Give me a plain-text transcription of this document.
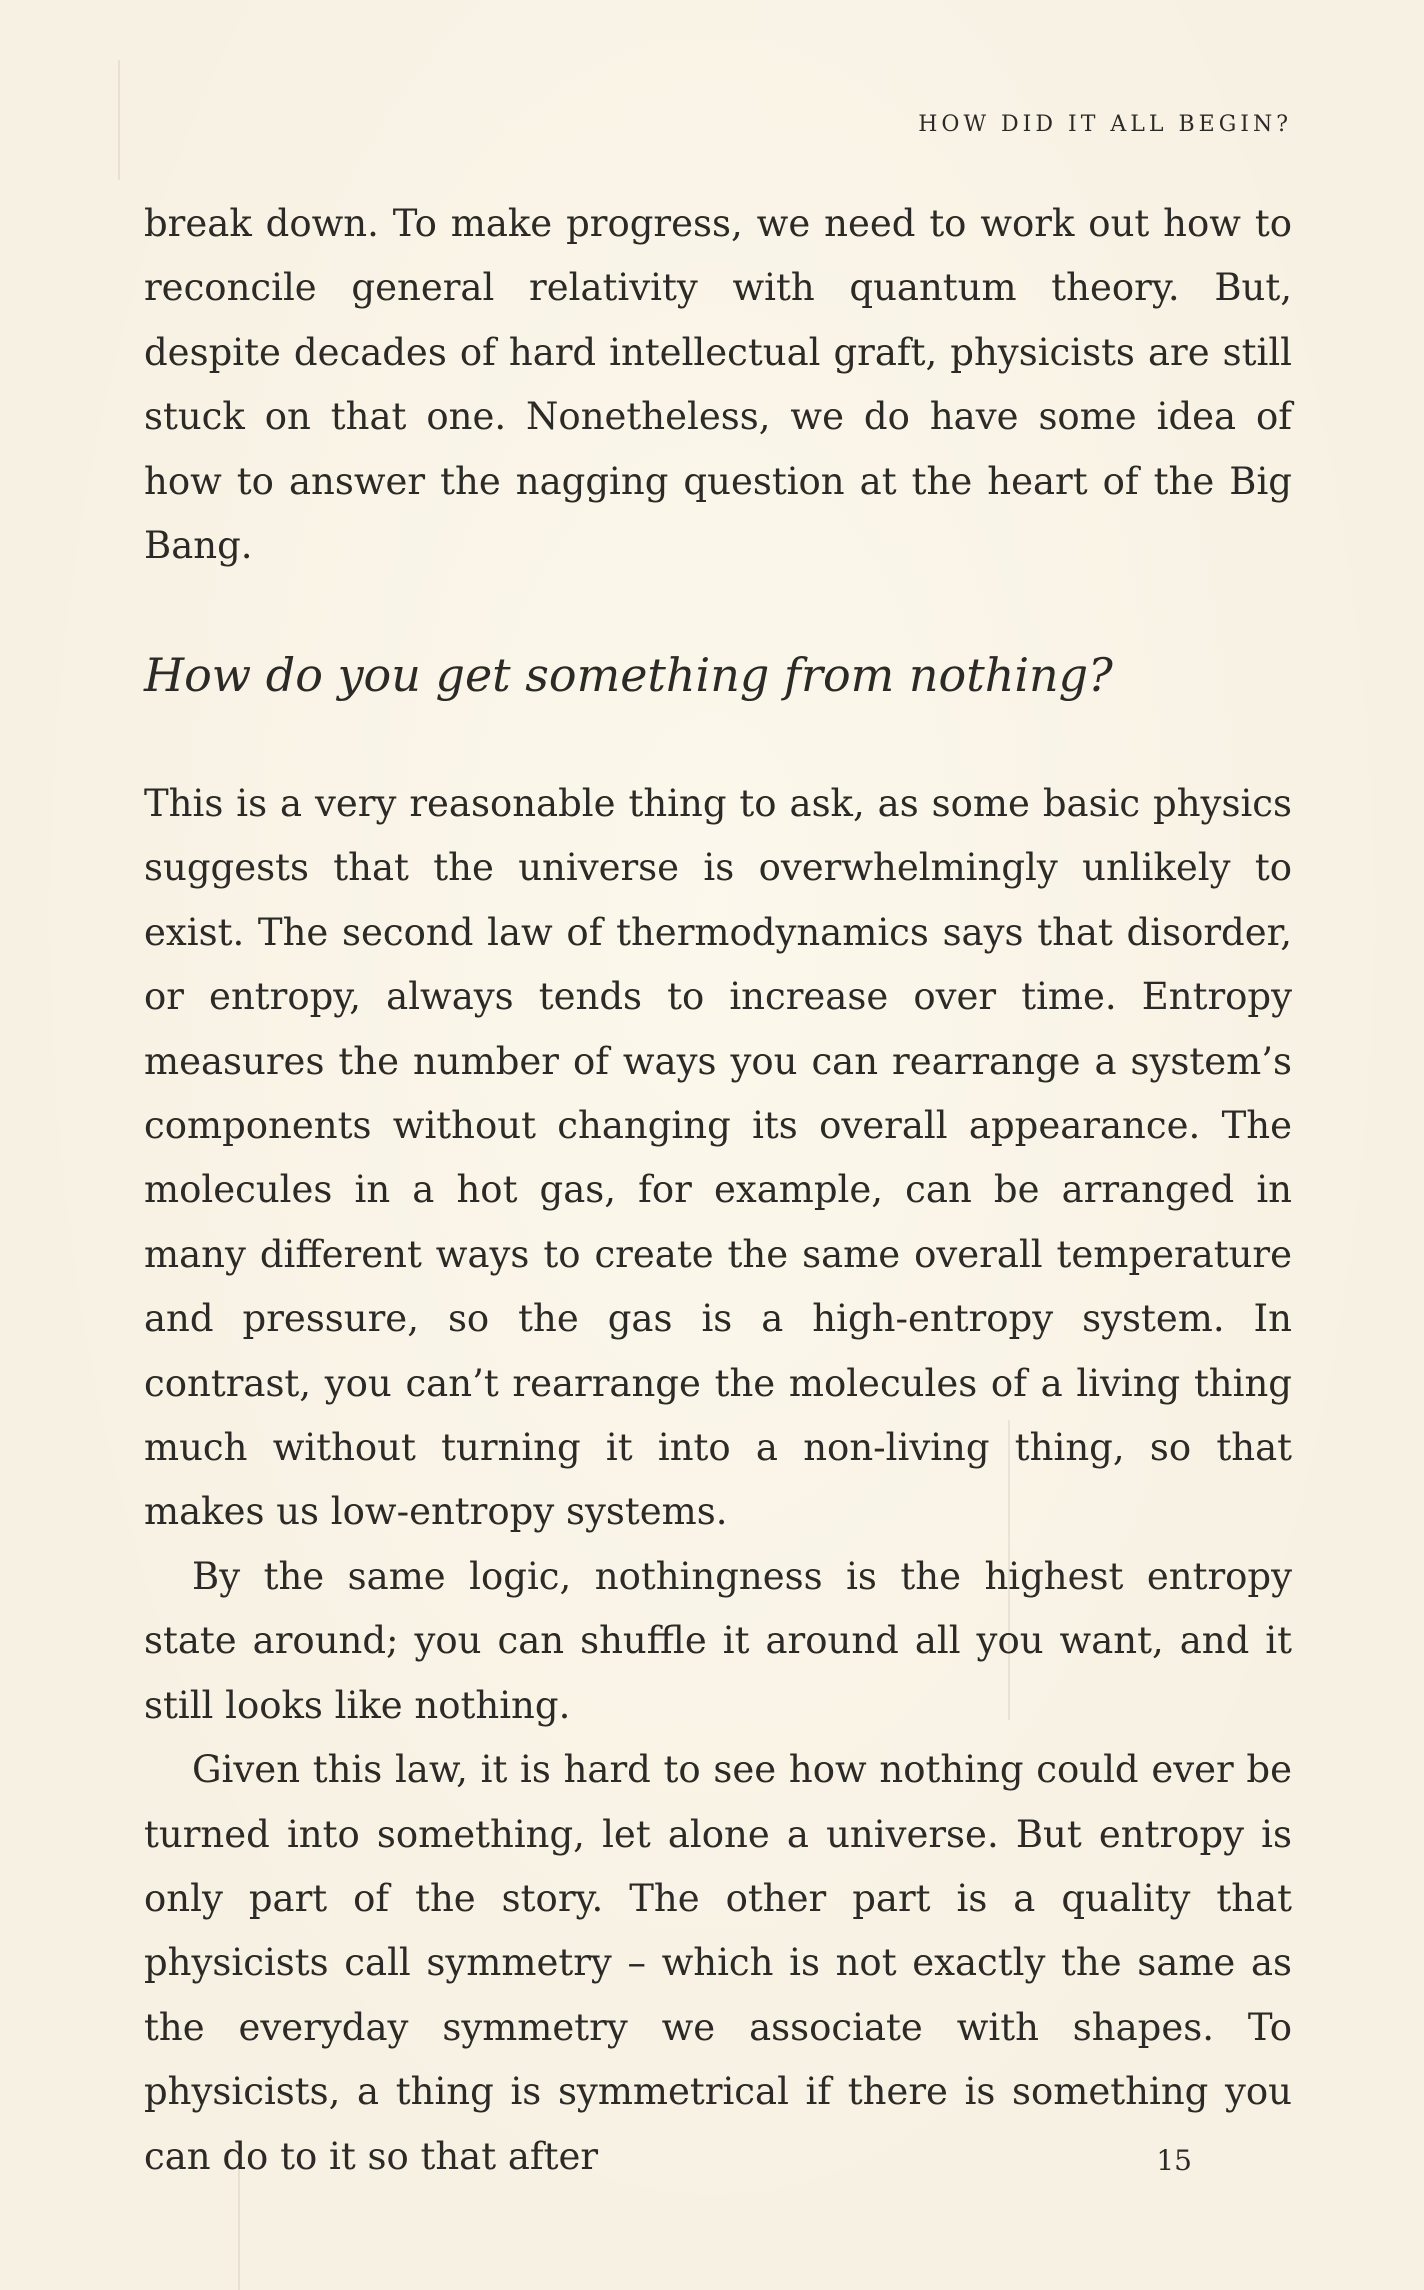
HOW DID IT ALL BEGIN?

break down. To make progress, we need to work out how to reconcile general relativity with quantum theory. But, despite decades of hard intellectual graft, physicists are still stuck on that one. Nonetheless, we do have some idea of how to answer the nagging question at the heart of the Big Bang.

How do you get something from nothing?

This is a very reasonable thing to ask, as some basic physics suggests that the universe is overwhelmingly unlikely to exist. The second law of thermodynamics says that disorder, or entropy, always tends to increase over time. Entropy measures the number of ways you can rearrange a system’s components without changing its overall appearance. The molecules in a hot gas, for example, can be arranged in many different ways to create the same overall temperature and pressure, so the gas is a high-entropy system. In contrast, you can’t rearrange the molecules of a living thing much without turning it into a non-living thing, so that makes us low-entropy systems.

By the same logic, nothingness is the highest entropy state around; you can shuffle it around all you want, and it still looks like nothing.

Given this law, it is hard to see how nothing could ever be turned into something, let alone a universe. But entropy is only part of the story. The other part is a quality that physicists call symmetry – which is not exactly the same as the everyday symmetry we associate with shapes. To physicists, a thing is symmetrical if there is something you can do to it so that after	15
